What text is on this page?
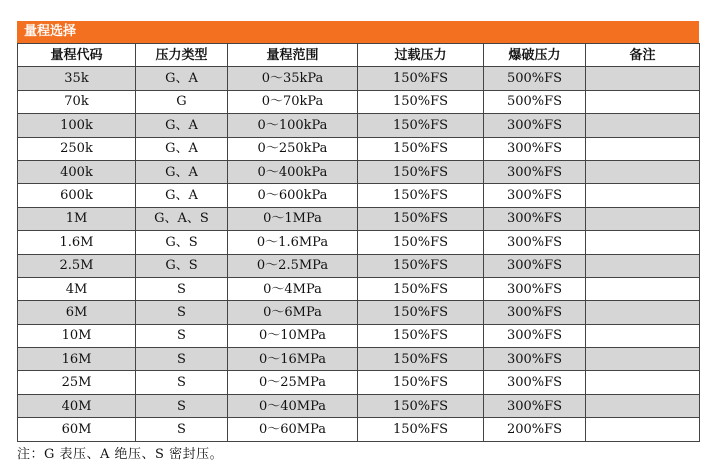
量程选择
量程代码	压力类型	量程范围	过载压力	爆破压力	备注
35k	G、A	0～35kPa	150%FS	500%FS	
70k	G	0～70kPa	150%FS	500%FS	
100k	G、A	0～100kPa	150%FS	300%FS	
250k	G、A	0～250kPa	150%FS	300%FS	
400k	G、A	0～400kPa	150%FS	300%FS	
600k	G、A	0～600kPa	150%FS	300%FS	
1M	G、A、S	0～1MPa	150%FS	300%FS	
1.6M	G、S	0～1.6MPa	150%FS	300%FS	
2.5M	G、S	0～2.5MPa	150%FS	300%FS	
4M	S	0～4MPa	150%FS	300%FS	
6M	S	0～6MPa	150%FS	300%FS	
10M	S	0～10MPa	150%FS	300%FS	
16M	S	0～16MPa	150%FS	300%FS	
25M	S	0～25MPa	150%FS	300%FS	
40M	S	0～40MPa	150%FS	300%FS	
60M	S	0～60MPa	150%FS	200%FS	
注：G 表压、A 绝压、S 密封压。
